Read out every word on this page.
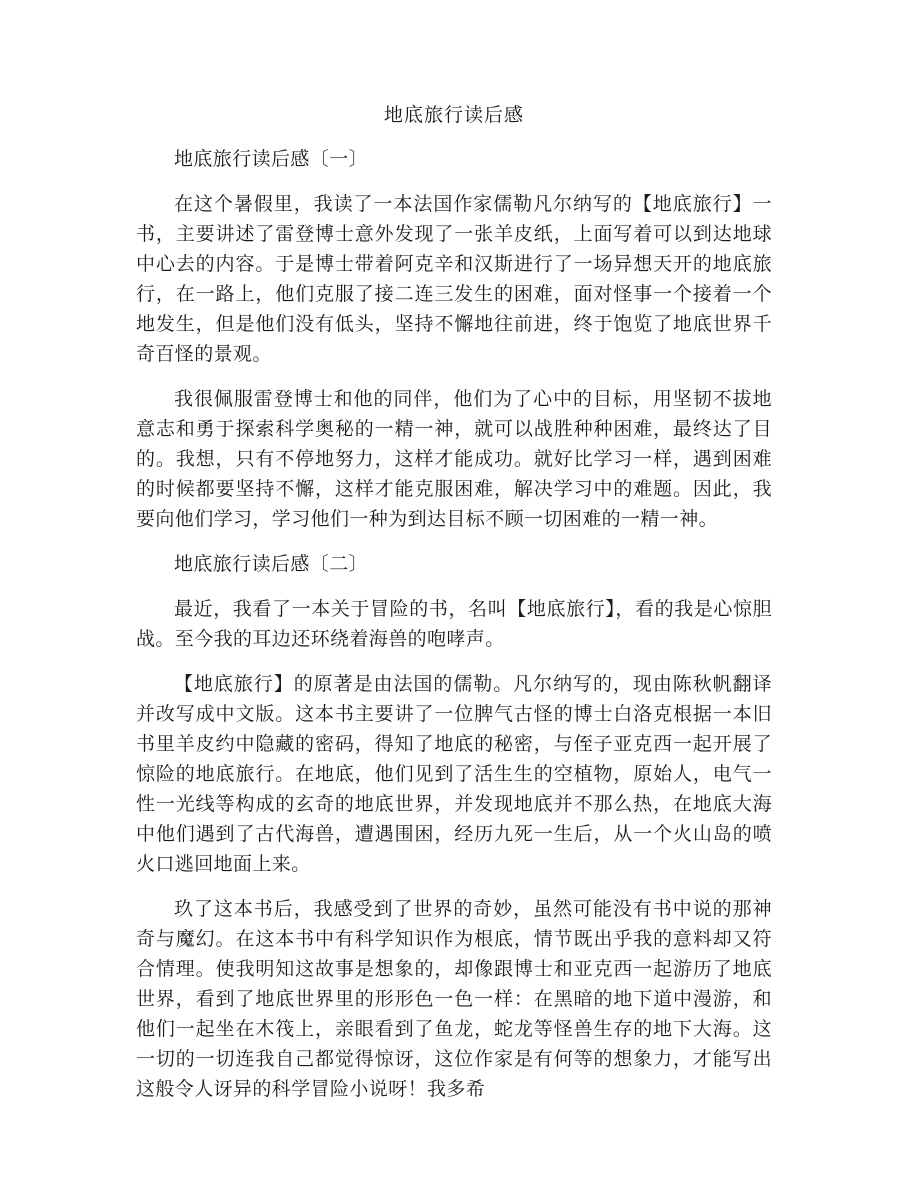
地底旅行读后感

地底旅行读后感〔一〕

在这个暑假里，我读了一本法国作家儒勒凡尔纳写的【地底旅行】一书，主要讲述了雷登博士意外发现了一张羊皮纸，上面写着可以到达地球中心去的内容。于是博士带着阿克辛和汉斯进行了一场异想天开的地底旅行，在一路上，他们克服了接二连三发生的困难，面对怪事一个接着一个地发生，但是他们没有低头，坚持不懈地往前进，终于饱览了地底世界千奇百怪的景观。

我很佩服雷登博士和他的同伴，他们为了心中的目标，用坚韧不拔地意志和勇于探索科学奥秘的一精一神，就可以战胜种种困难，最终达了目的。我想，只有不停地努力，这样才能成功。就好比学习一样，遇到困难的时候都要坚持不懈，这样才能克服困难，解决学习中的难题。因此，我要向他们学习，学习他们一种为到达目标不顾一切困难的一精一神。

地底旅行读后感〔二〕

最近，我看了一本关于冒险的书，名叫【地底旅行】，看的我是心惊胆战。至今我的耳边还环绕着海兽的咆哮声。

【地底旅行】的原著是由法国的儒勒。凡尔纳写的，现由陈秋帆翻译并改写成中文版。这本书主要讲了一位脾气古怪的博士白洛克根据一本旧书里羊皮约中隐藏的密码，得知了地底的秘密，与侄子亚克西一起开展了惊险的地底旅行。在地底，他们见到了活生生的空植物，原始人，电气一性一光线等构成的玄奇的地底世界，并发现地底并不那么热，在地底大海中他们遇到了古代海兽，遭遇围困，经历九死一生后，从一个火山岛的喷火口逃回地面上来。

玖了这本书后，我感受到了世界的奇妙，虽然可能没有书中说的那神奇与魔幻。在这本书中有科学知识作为根底，情节既出乎我的意料却又符合情理。使我明知这故事是想象的，却像跟博士和亚克西一起游历了地底世界，看到了地底世界里的形形色一色一样：在黑暗的地下道中漫游，和他们一起坐在木筏上，亲眼看到了鱼龙，蛇龙等怪兽生存的地下大海。这一切的一切连我自己都觉得惊讶，这位作家是有何等的想象力，才能写出这般令人讶异的科学冒险小说呀！我多希
